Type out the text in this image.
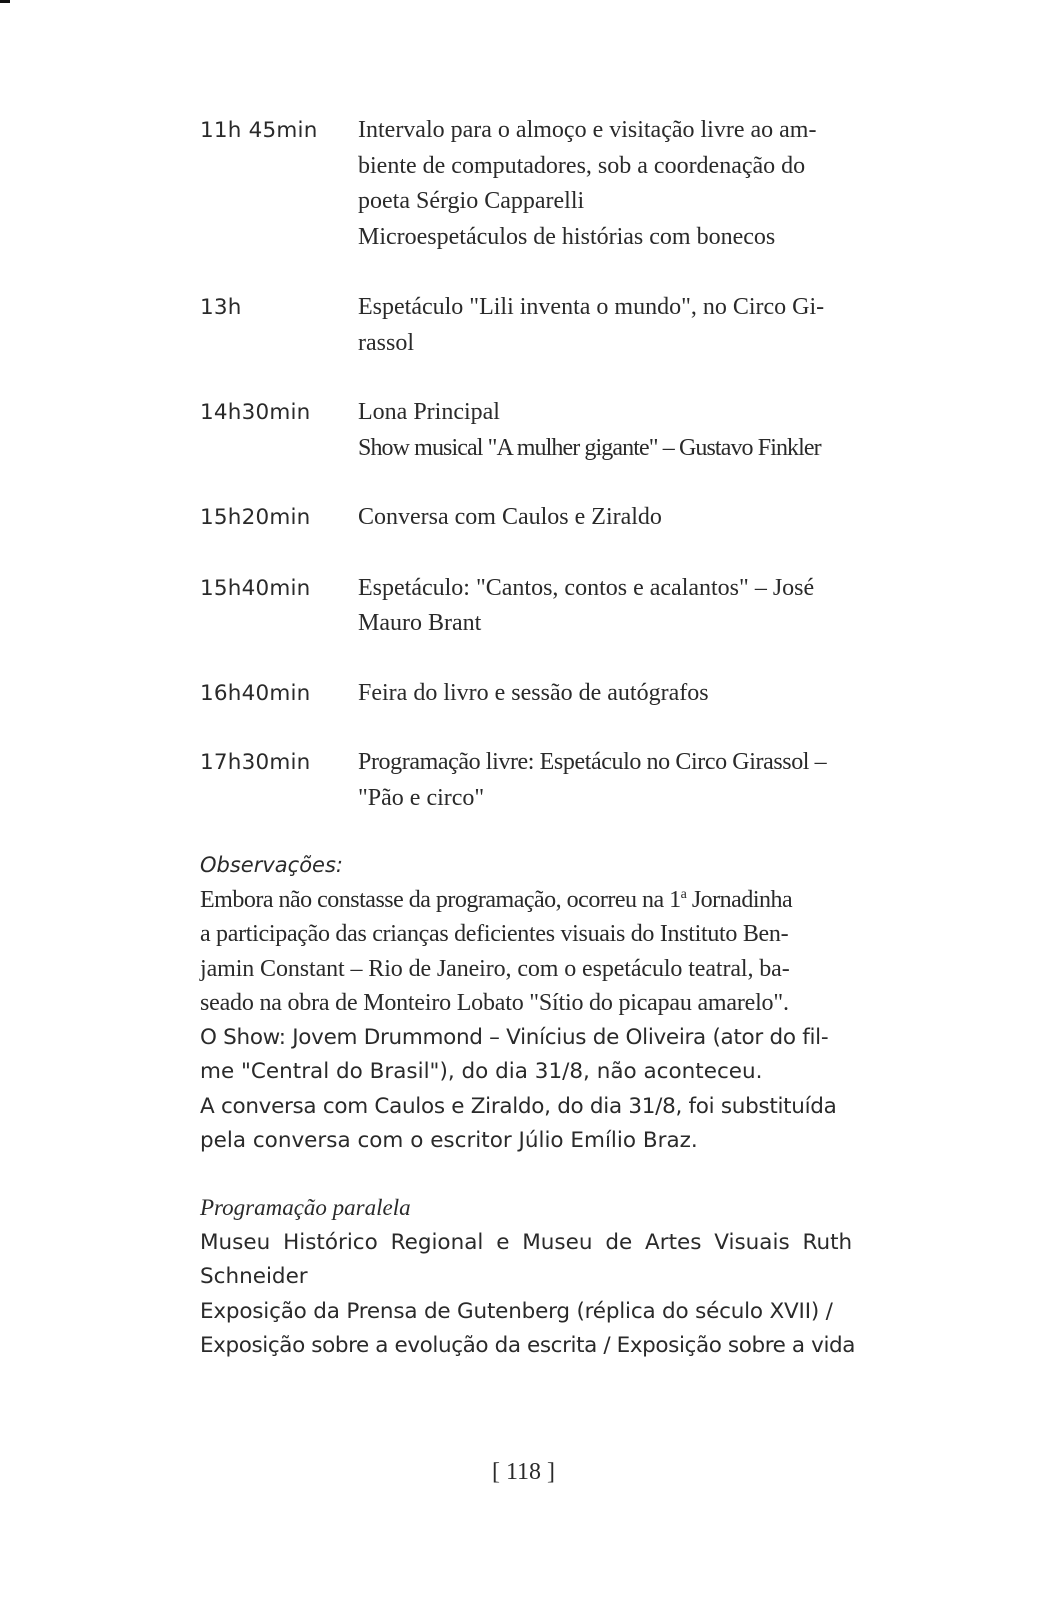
11h 45min	Intervalo para o almoço e visitação livre ao am-
biente de computadores, sob a coordenação do
poeta Sérgio Capparelli
Microespetáculos de histórias com bonecos
13h	Espetáculo "Lili inventa o mundo", no Circo Gi-
rassol
14h30min	Lona Principal
Show musical "A mulher gigante" – Gustavo Finkler
15h20min	Conversa com Caulos e Ziraldo
15h40min	Espetáculo: "Cantos, contos e acalantos" – José
Mauro Brant
16h40min	Feira do livro e sessão de autógrafos
17h30min	Programação livre: Espetáculo no Circo Girassol –
"Pão e circo"
Observações:
Embora não constasse da programação, ocorreu na 1$^a$ Jornadinha
a participação das crianças deficientes visuais do Instituto Ben-
jamin Constant – Rio de Janeiro, com o espetáculo teatral, ba-
seado na obra de Monteiro Lobato "Sítio do picapau amarelo".
O Show: Jovem Drummond – Vinícius de Oliveira (ator do fil-
me "Central do Brasil"), do dia 31/8, não aconteceu.
A conversa com Caulos e Ziraldo, do dia 31/8, foi substituída
pela conversa com o escritor Júlio Emílio Braz.
Programação paralela
Museu Histórico Regional e Museu de Artes Visuais Ruth
Schneider
Exposição da Prensa de Gutenberg (réplica do século XVII) /
Exposição sobre a evolução da escrita / Exposição sobre a vida
[ 118 ]
